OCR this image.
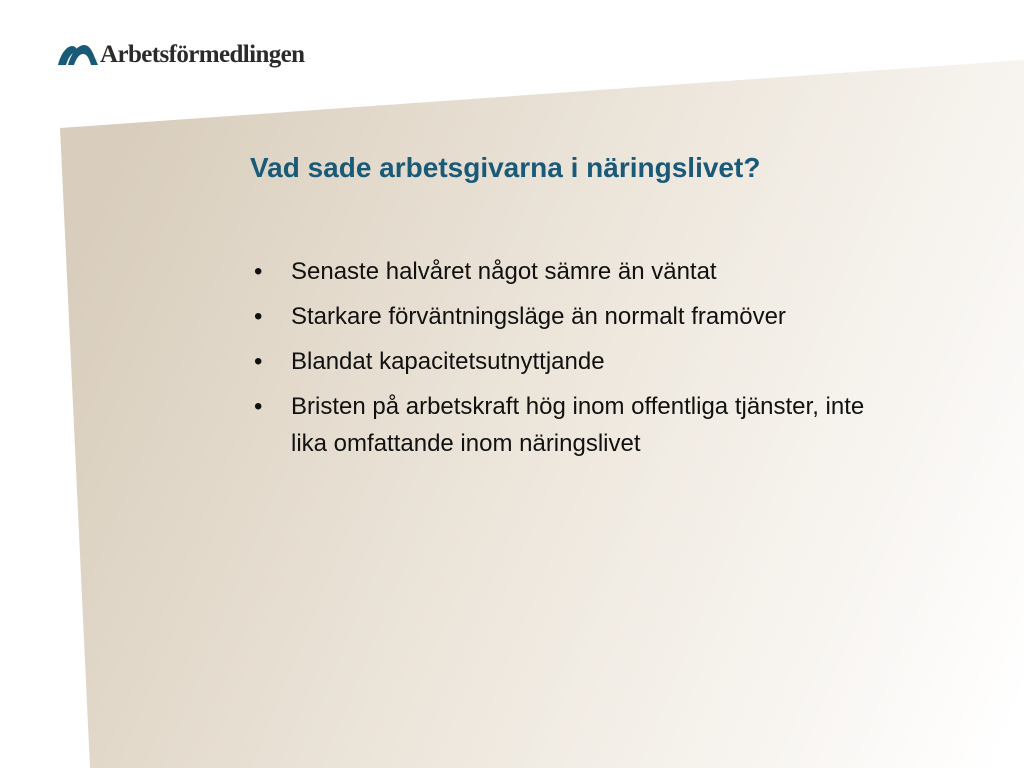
Arbetsförmedlingen
Vad sade arbetsgivarna i näringslivet?
• Senaste halvåret något sämre än väntat
• Starkare förväntningsläge än normalt framöver
• Blandat kapacitetsutnyttjande
• Bristen på arbetskraft hög inom offentliga tjänster, inte lika omfattande inom näringslivet
